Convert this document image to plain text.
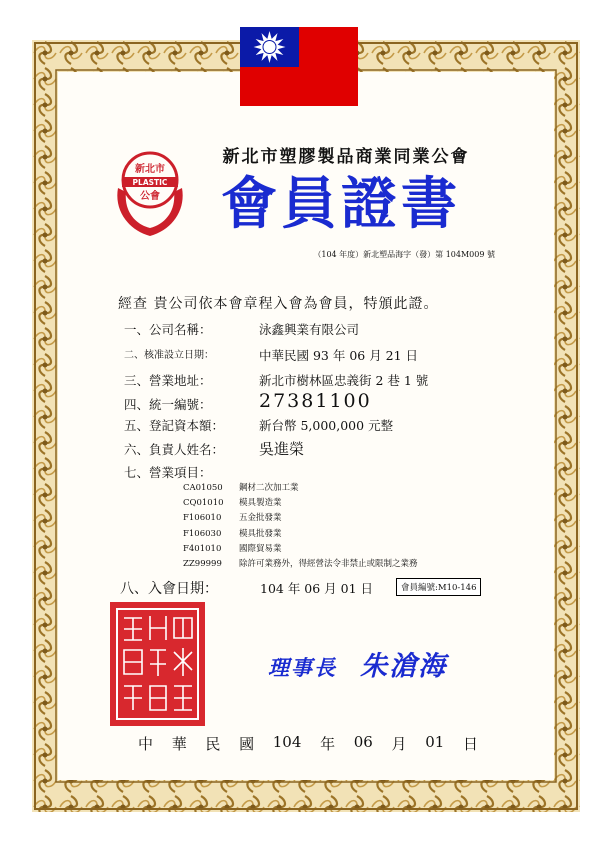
新北市
PLASTIC
公會
新北市塑膠製品商業同業公會
會員證書
（104 年度）新北塑品海字（發）第 104M009 號
經查 貴公司依本會章程入會為會員，特頒此證。
一、公司名稱：	泳鑫興業有限公司
二、核准設立日期：	中華民國 93 年 06 月 21 日
三、營業地址：	新北市樹林區忠義街 2 巷 1 號
四、統一編號： 27381100
五、登記資本額：	新台幣 5,000,000 元整
六、負責人姓名： 吳進榮
七、營業項目：
CA01050 鋼材二次加工業
CQ01010 模具製造業
F106010 五金批發業
F106030 模具批發業
F401010 國際貿易業
ZZ99999 除許可業務外，得經營法令非禁止或限制之業務
八、入會日期：	104 年 06 月 01 日	會員編號:M10-146
理事長 朱滄海
中 華 民 國 104 年 06 月 01 日
